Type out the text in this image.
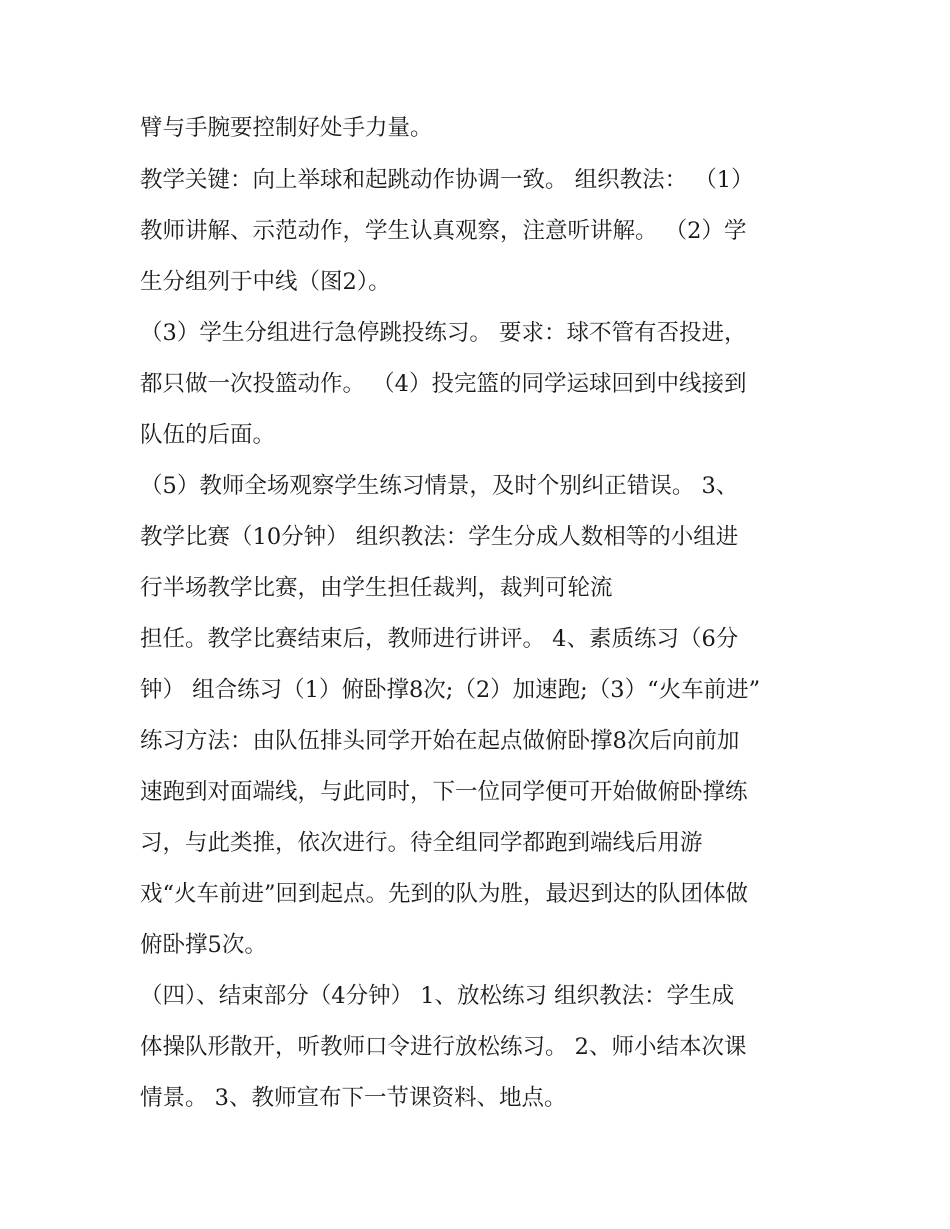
臂与手腕要控制好处手力量。
教学关键：向上举球和起跳动作协调一致。 组织教法： （1）
教师讲解、示范动作，学生认真观察，注意听讲解。 （2）学
生分组列于中线（图2）。
（3）学生分组进行急停跳投练习。 要求：球不管有否投进，
都只做一次投篮动作。 （4）投完篮的同学运球回到中线接到
队伍的后面。
（5）教师全场观察学生练习情景，及时个别纠正错误。 3、
教学比赛（10分钟） 组织教法：学生分成人数相等的小组进
行半场教学比赛，由学生担任裁判，裁判可轮流
担任。教学比赛结束后，教师进行讲评。 4、素质练习（6分
钟） 组合练习（1）俯卧撑8次;（2）加速跑;（3）“火车前进”
练习方法：由队伍排头同学开始在起点做俯卧撑8次后向前加
速跑到对面端线，与此同时，下一位同学便可开始做俯卧撑练
习，与此类推，依次进行。待全组同学都跑到端线后用游
戏“火车前进”回到起点。先到的队为胜，最迟到达的队团体做
俯卧撑5次。
（四）、结束部分（4分钟） 1、放松练习 组织教法：学生成
体操队形散开，听教师口令进行放松练习。 2、师小结本次课
情景。 3、教师宣布下一节课资料、地点。
